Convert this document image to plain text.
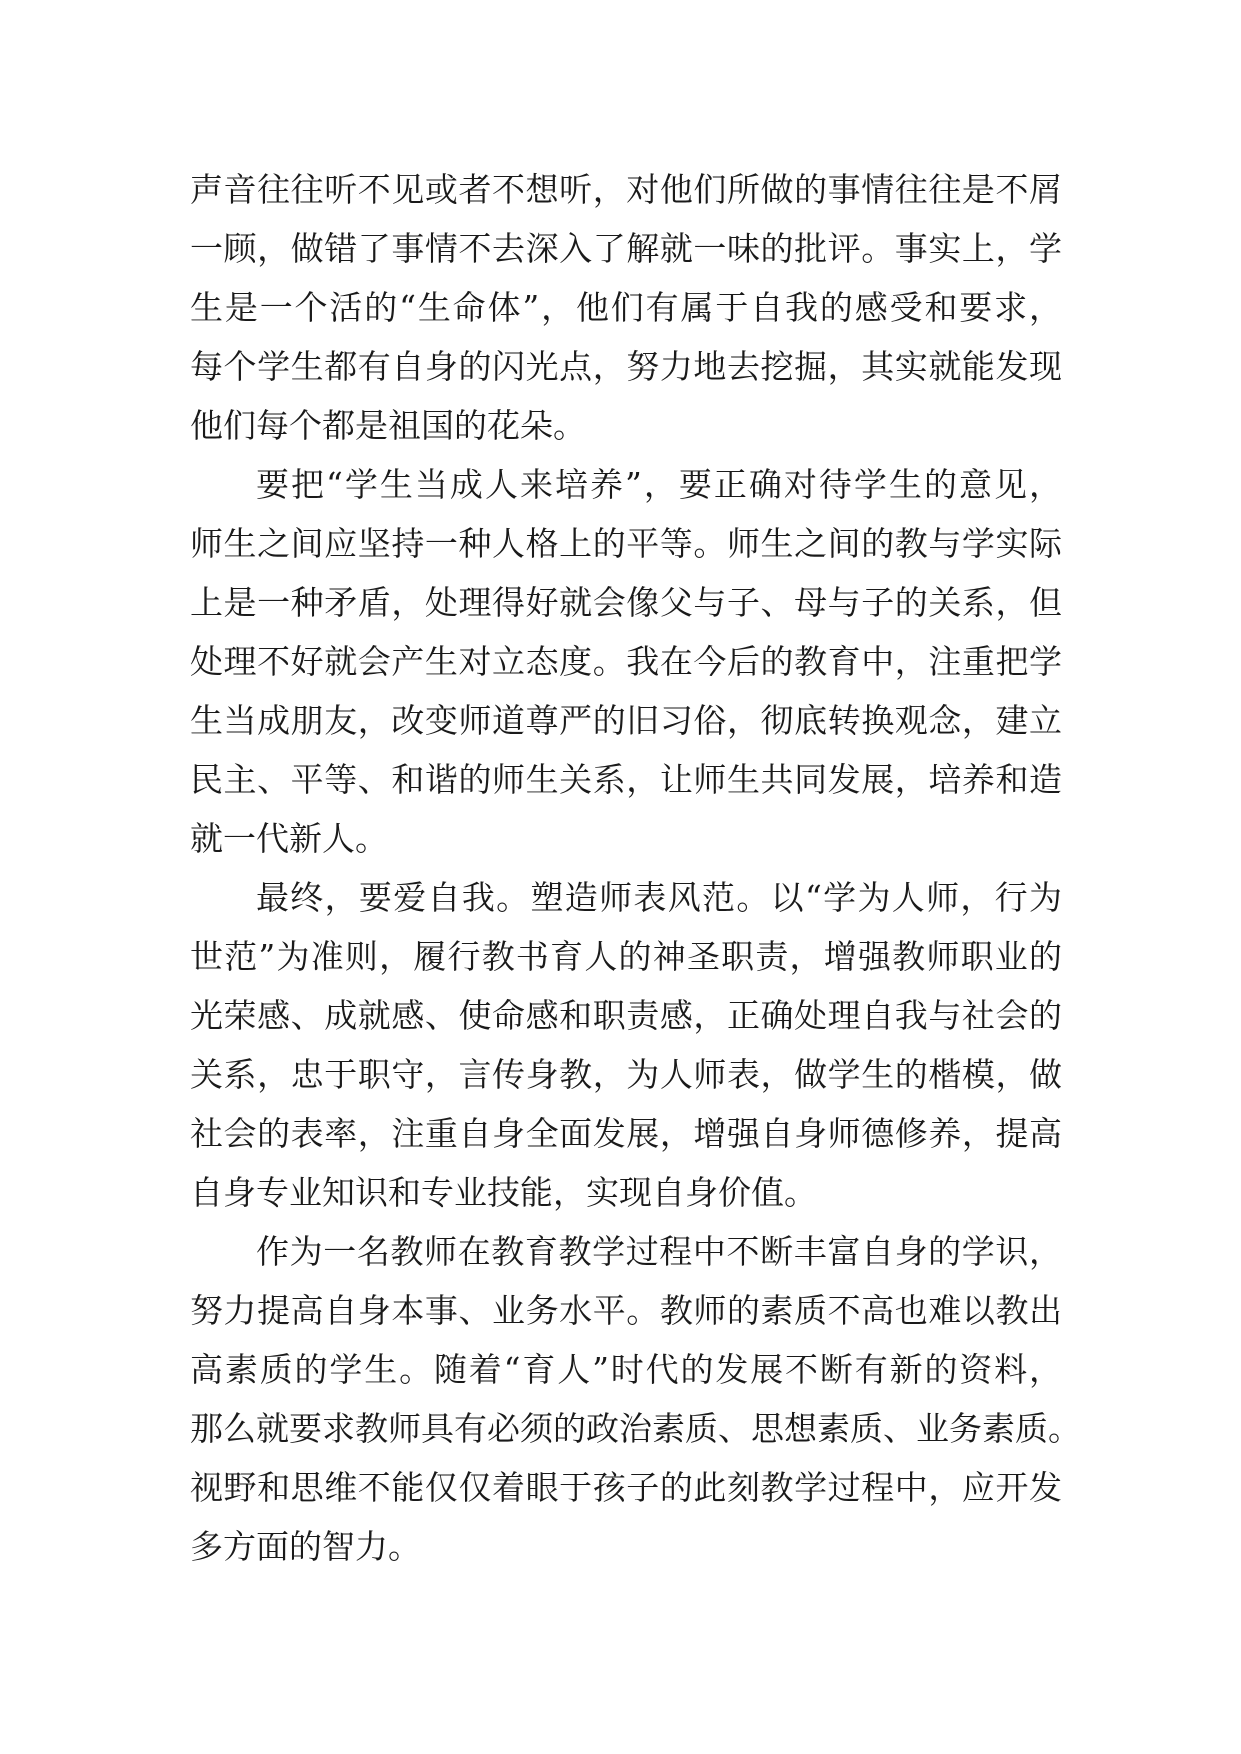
声音往往听不见或者不想听，对他们所做的事情往往是不屑
一顾，做错了事情不去深入了解就一味的批评。事实上，学
生是一个活的“生命体”，他们有属于自我的感受和要求，
每个学生都有自身的闪光点，努力地去挖掘，其实就能发现
他们每个都是祖国的花朵。
要把“学生当成人来培养”，要正确对待学生的意见，
师生之间应坚持一种人格上的平等。师生之间的教与学实际
上是一种矛盾，处理得好就会像父与子、母与子的关系，但
处理不好就会产生对立态度。我在今后的教育中，注重把学
生当成朋友，改变师道尊严的旧习俗，彻底转换观念，建立
民主、平等、和谐的师生关系，让师生共同发展，培养和造
就一代新人。
最终，要爱自我。塑造师表风范。以“学为人师，行为
世范”为准则，履行教书育人的神圣职责，增强教师职业的
光荣感、成就感、使命感和职责感，正确处理自我与社会的
关系，忠于职守，言传身教，为人师表，做学生的楷模，做
社会的表率，注重自身全面发展，增强自身师德修养，提高
自身专业知识和专业技能，实现自身价值。
作为一名教师在教育教学过程中不断丰富自身的学识，
努力提高自身本事、业务水平。教师的素质不高也难以教出
高素质的学生。随着“育人”时代的发展不断有新的资料，
那么就要求教师具有必须的政治素质、思想素质、业务素质。
视野和思维不能仅仅着眼于孩子的此刻教学过程中，应开发
多方面的智力。
